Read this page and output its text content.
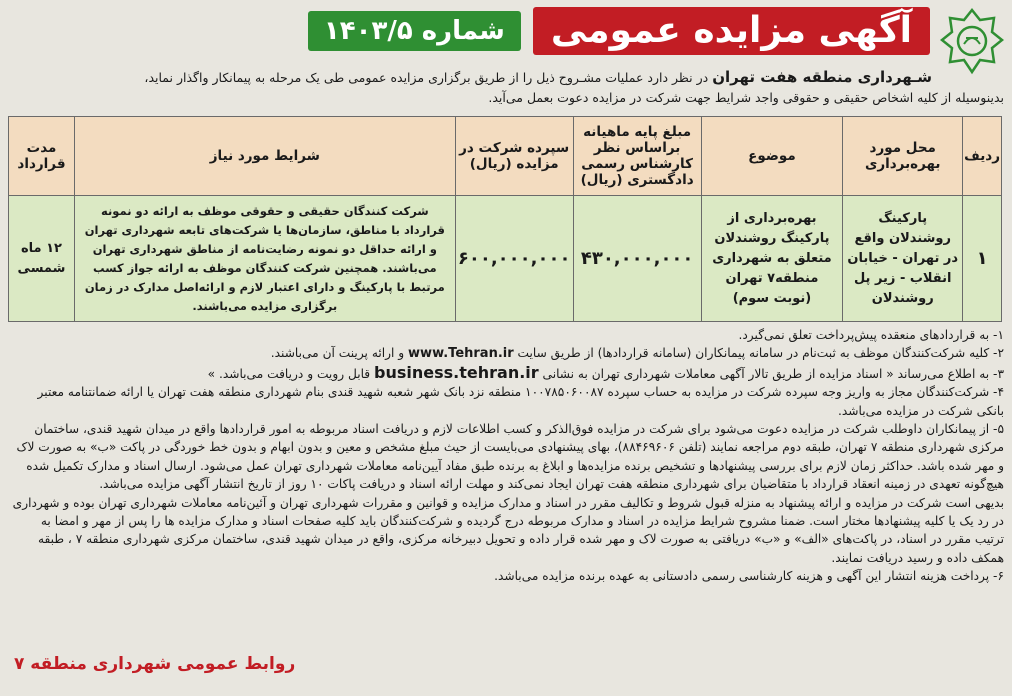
آگهی مزایده عمومی
شماره ۱۴۰۳/۵
شـهرداری منطقه هفت تهران در نظر دارد عملیات مشـروح ذیل را از طریق برگزاری مزایده عمومی طی یک مرحله به پیمانکار واگذار نماید،
بدینوسیله از کلیه اشخاص حقیقی و حقوقی واجد شرایط جهت شرکت در مزایده دعوت بعمل می‌آید.
ردیف	محل مورد بهره‌برداری	موضوع	مبلغ پایه ماهیانه براساس نظر کارشناس رسمی دادگستری (ریال)	سپرده شرکت در مزایده (ریال)	شرایط مورد نیاز	مدت قرارداد
۱	پارکینگ روشندلان واقع در تهران - خیابان انقلاب - زیر پل روشندلان	بهره‌برداری از پارکینگ روشندلان متعلق به شهرداری منطقه۷ تهران (نوبت سوم)	۴۳۰,۰۰۰,۰۰۰	۶۰۰,۰۰۰,۰۰۰	شرکت کنندگان حقیقی و حقوقی موظف به ارائه دو نمونه قرارداد با مناطق، سازمان‌ها یا شرکت‌های تابعه شهرداری تهران و ارائه حداقل دو نمونه رضایت‌نامه از مناطق شهرداری تهران می‌باشند. همچنین شرکت کنندگان موظف به ارائه جواز کسب مرتبط با پارکینگ و دارای اعتبار لازم و ارائه‌اصل مدارک در زمان برگزاری مزایده می‌باشند.	۱۲ ماه شمسی

۱- به قراردادهای منعقده پیش‌پرداخت تعلق نمی‌گیرد.

۲- کلیه شرکت‌کنندگان موظف به ثبت‌نام در سامانه پیمانکاران (سامانه قراردادها) از طریق سایت www.Tehran.ir و ارائه پرینت آن می‌باشند.

۳- به اطلاع می‌رساند « اسناد مزایده از طریق تالار آگهی معاملات شهرداری تهران به نشانی business.tehran.ir قابل رویت و دریافت می‌باشد. »

۴- شرکت‌کنندگان مجاز به واریز وجه سپرده شرکت در مزایده به حساب سپرده ۱۰۰۷۸۵۰۶۰۰۸۷ منطقه نزد بانک شهر شعبه شهید قندی بنام شهرداری منطقه هفت تهران یا ارائه ضمانتنامه معتبر بانکی شرکت در مزایده می‌باشد.

۵- از پیمانکاران داوطلب شرکت در مزایده دعوت می‌شود برای شرکت در مزایده فوق‌الذکر و کسب اطلاعات لازم و دریافت اسناد مربوطه به امور قراردادها واقع در میدان شهید قندی، ساختمان مرکزی شهرداری منطقه ۷ تهران، طبقه دوم مراجعه نمایند (تلفن ۸۸۴۶۹۶۰۶)، بهای پیشنهادی می‌بایست از حیث مبلغ مشخص و معین و بدون ابهام و بدون خط خوردگی در پاکت «ب» به صورت لاک و مهر شده باشد. حداکثر زمان لازم برای بررسی پیشنهادها و تشخیص برنده مزایده‌ها و ابلاغ به برنده طبق مفاد آیین‌نامه معاملات شهرداری تهران عمل می‌شود. ارسال اسناد و مدارک تکمیل شده هیچ‌گونه تعهدی در زمینه انعقاد قرارداد با متقاضیان برای شهرداری منطقه هفت تهران ایجاد نمی‌کند و مهلت ارائه اسناد و دریافت پاکات ۱۰ روز از تاریخ انتشار آگهی مزایده می‌باشد.

بدیهی است شرکت در مزایده و ارائه پیشنهاد به منزله قبول شروط و تکالیف مقرر در اسناد و مدارک مزایده و قوانین و مقررات شهرداری تهران و آئین‌نامه معاملات شهرداری تهران بوده و شهرداری در رد یک یا کلیه پیشنهادها مختار است. ضمنا مشروح شرایط مزایده در اسناد و مدارک مربوطه درج گردیده و شرکت‌کنندگان باید کلیه صفحات اسناد و مدارک مزایده ها را پس از مهر و امضا به ترتیب مقرر در اسناد، در پاکت‌های «الف» و «ب» دریافتی به صورت لاک و مهر شده قرار داده و تحویل دبیرخانه مرکزی، واقع در میدان شهید قندی، ساختمان مرکزی شهرداری منطقه ۷ ، طبقه همکف داده و رسید دریافت نمایند.

۶- پرداخت هزینه انتشار این آگهی و هزینه کارشناسی رسمی دادستانی به عهده برنده مزایده می‌باشد.

روابط عمومی شهرداری منطقه ۷
